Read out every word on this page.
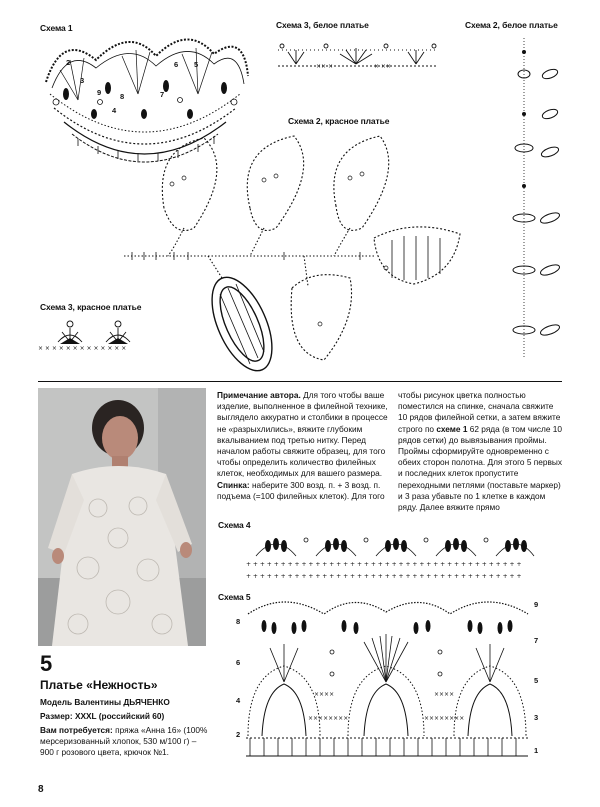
Схема 1
2
3
9	8
4
7
6 5
Схема 3, белое платье
×× ×	× ××
Схема 2, белое платье
Схема 2, красное платье
Схема 3, красное платье
× × × × × × × × × × × × ×
5
Платье «Нежность»
Модель Валентины ДЬЯЧЕНКО
Размер: XXXL (российский 60)
Вам потребуется: пряжа «Анна 16» (100% мерсеризованный хлопок, 530 м/100 г) – 900 г розового цвета, крючок №1.
8
Примечание автора. Для того чтобы ваше изделие, выполненное в филейной технике, выглядело аккуратно и столбики в процессе не «разрыхлились», вяжите глубоким вкалыванием под третью нитку. Перед началом работы свяжите образец, для того чтобы определить количество филейных клеток, необходимых для вашего размера.
Спинка: наберите 300 возд. п. + 3 возд. п. подъема (=100 филейных клеток). Для того
чтобы рисунок цветка полностью поместился на спинке, сначала свяжите 10 рядов филейной сетки, а затем вяжите строго по схеме 1 62 ряда (в том числе 10 рядов сетки) до вывязывания проймы. Проймы сформируйте одновременно с обеих сторон полотна. Для этого 5 первых и последних клеток пропустите переходными петлями (поставьте маркер) и 3 раза убавьте по 1 клетке в каждом ряду. Далее вяжите прямо
Схема 4
+ + + + + + + + + + + + + + + + + + + + + + + + + + + + + + + + + + + + + + + +
+ + + + + + + + + + + + + + + + + + + + + + + + + + + + + + + + + + + + + + + +
Схема 5
××××	××××
××××××××	××××××××
8
6
4
2
9
7
5
3
1
